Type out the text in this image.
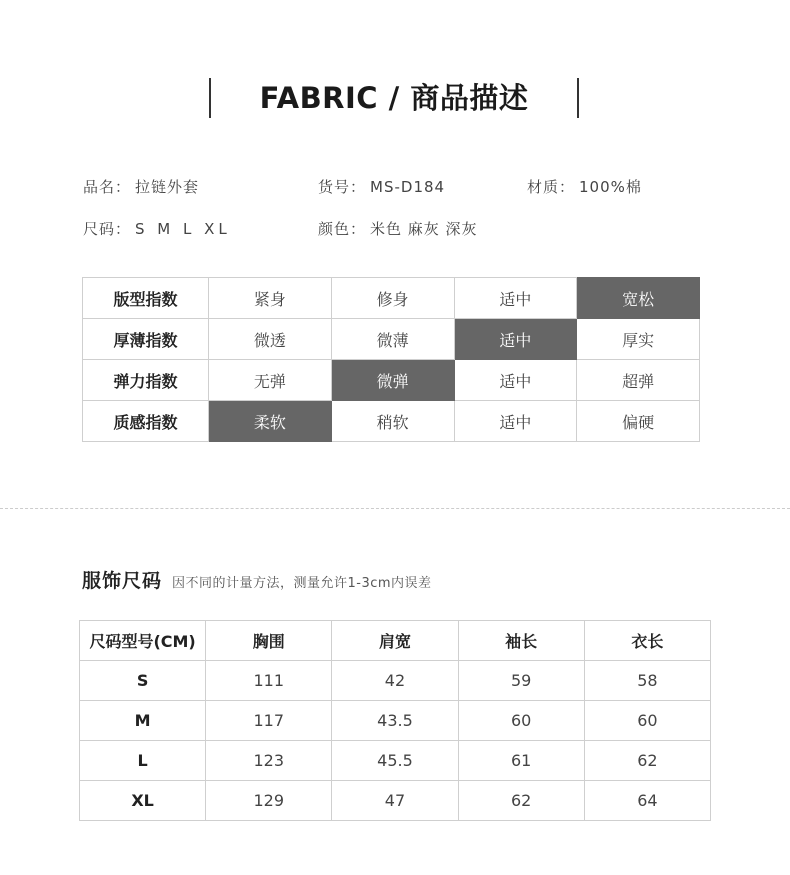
FABRIC / 商品描述
品名： 拉链外套	货号： MS-D184	材质： 100%棉
尺码： S M L XL	颜色： 米色 麻灰 深灰
版型指数	紧身	修身	适中	宽松
厚薄指数	微透	微薄	适中	厚实
弹力指数	无弹	微弹	适中	超弹
质感指数	柔软	稍软	适中	偏硬
服饰尺码 因不同的计量方法，测量允许1-3cm内误差
尺码型号(CM)	胸围	肩宽	袖长	衣长
S	111	42	59	58
M	117	43.5	60	60
L	123	45.5	61	62
XL	129	47	62	64
